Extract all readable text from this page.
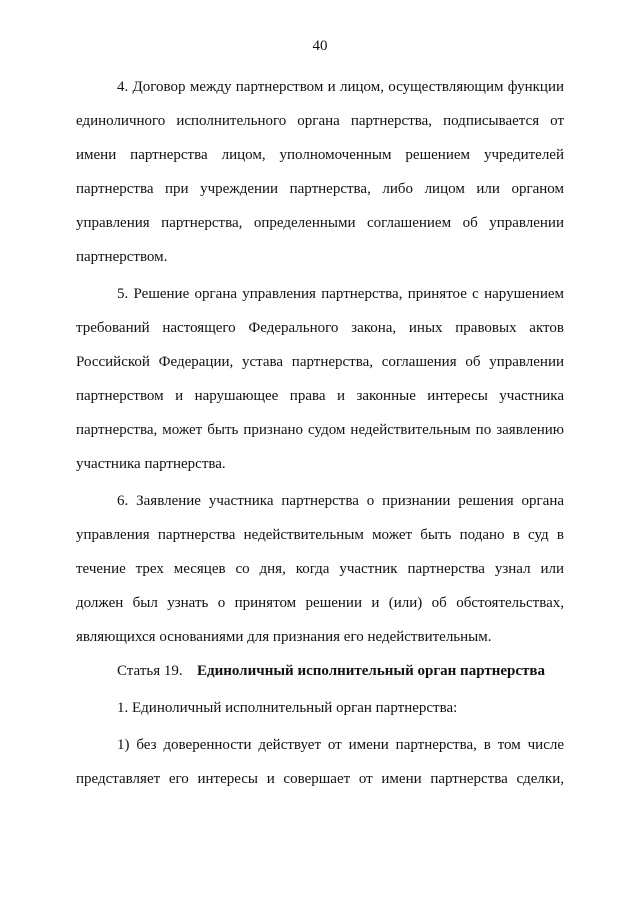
40
4. Договор между партнерством и лицом, осуществляющим функции
единоличного исполнительного органа партнерства, подписывается от
имени партнерства лицом, уполномоченным решением учредителей
партнерства при учреждении партнерства, либо лицом или органом
управления партнерства, определенными соглашением об управлении
партнерством.
5. Решение органа управления партнерства, принятое с нарушением
требований настоящего Федерального закона, иных правовых актов
Российской Федерации, устава партнерства, соглашения об управлении
партнерством и нарушающее права и законные интересы участника
партнерства, может быть признано судом недействительным по заявлению
участника партнерства.
6. Заявление участника партнерства о признании решения органа
управления партнерства недействительным может быть подано в суд в
течение трех месяцев со дня, когда участник партнерства узнал или
должен был узнать о принятом решении и (или) об обстоятельствах,
являющихся основаниями для признания его недействительным.
Статья 19. Единоличный исполнительный орган партнерства
1. Единоличный исполнительный орган партнерства:
1) без доверенности действует от имени партнерства, в том числе
представляет его интересы и совершает от имени партнерства сделки,
